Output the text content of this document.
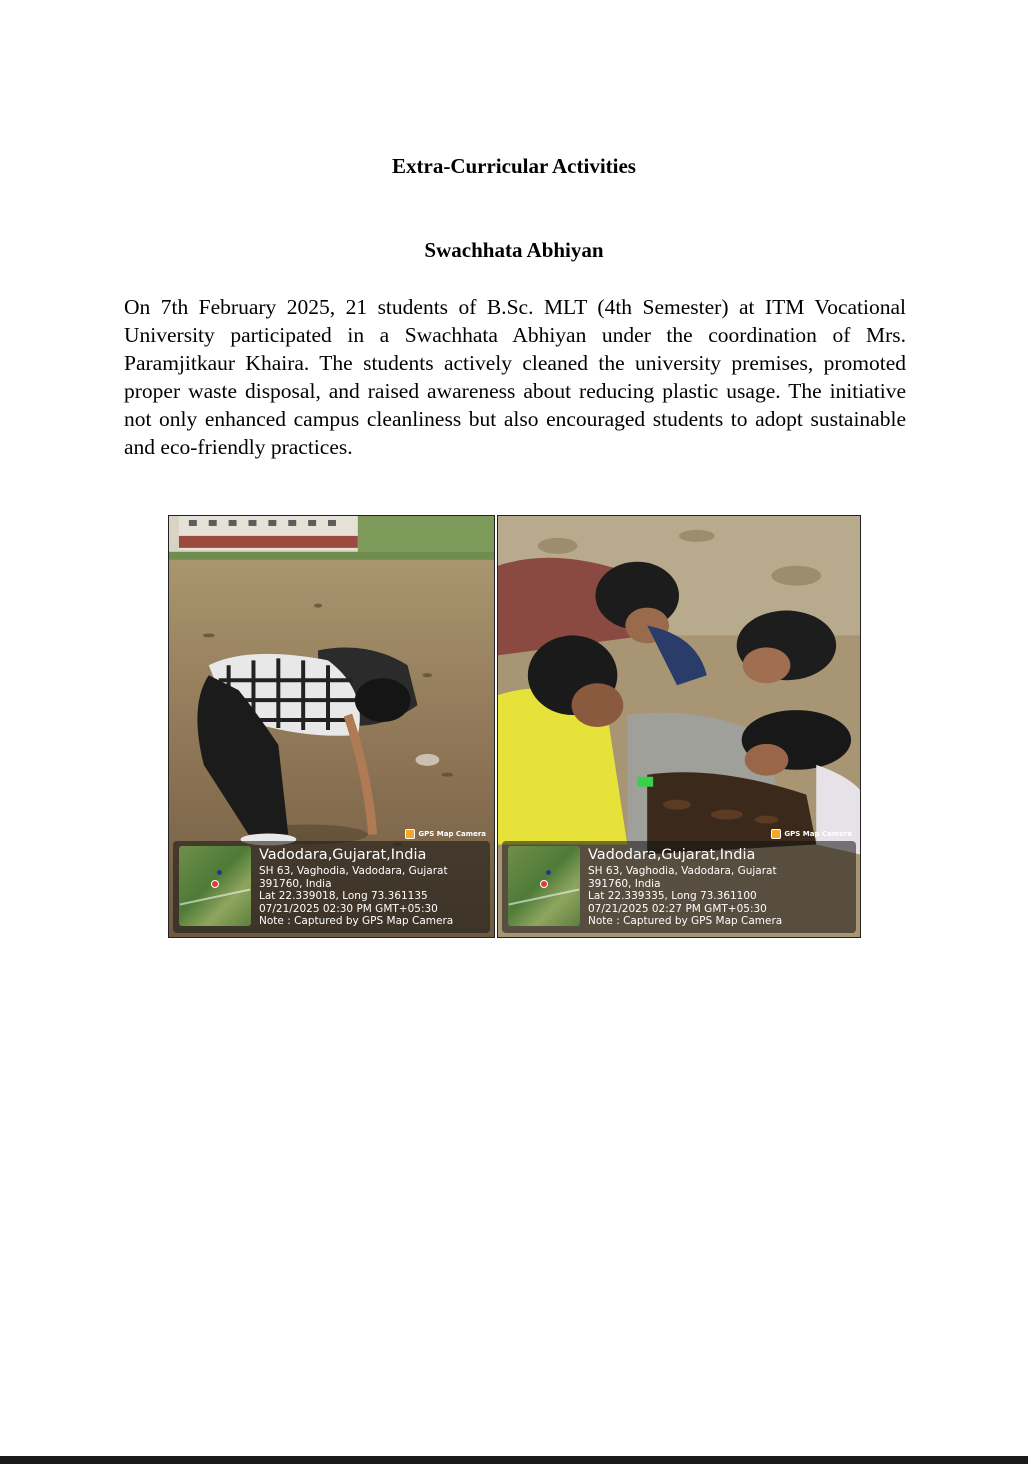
Extra-Curricular Activities
Swachhata Abhiyan

On 7th February 2025, 21 students of B.Sc. MLT (4th Semester) at ITM Vocational University participated in a Swachhata Abhiyan under the coordination of Mrs. Paramjitkaur Khaira. The students actively cleaned the university premises, promoted proper waste disposal, and raised awareness about reducing plastic usage. The initiative not only enhanced campus cleanliness but also encouraged students to adopt sustainable and eco-friendly practices.

GPS Map Camera
Vadodara,Gujarat,India
SH 63, Vaghodia, Vadodara, Gujarat
391760, India
Lat 22.339018, Long 73.361135
07/21/2025 02:30 PM GMT+05:30
Note : Captured by GPS Map Camera
GPS Map Camera
Vadodara,Gujarat,India
SH 63, Vaghodia, Vadodara, Gujarat
391760, India
Lat 22.339335, Long 73.361100
07/21/2025 02:27 PM GMT+05:30
Note : Captured by GPS Map Camera
